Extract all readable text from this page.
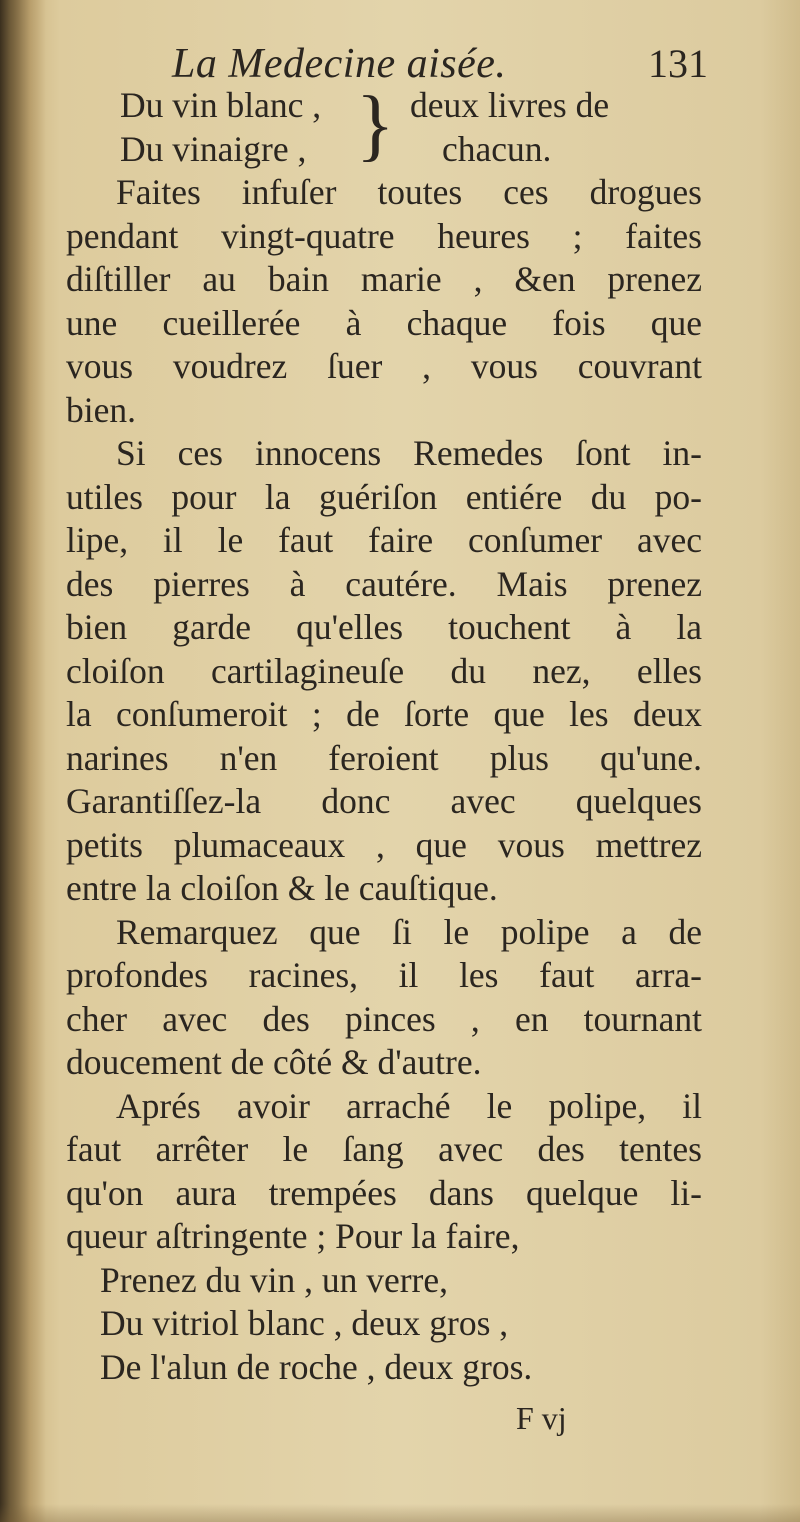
La Medecine aisée.	131
Du vin blanc ,
Du vinaigre , } deux livres de
chacun.
Faites infuſer toutes ces drogues
pendant vingt-quatre heures ; faites
diſtiller au bain marie , &en prenez
une cueillerée à chaque fois que
vous voudrez ſuer , vous couvrant
bien.
Si ces innocens Remedes ſont in-
utiles pour la guériſon entiére du po-
lipe, il le faut faire conſumer avec
des pierres à cautére. Mais prenez
bien garde qu'elles touchent à la
cloiſon cartilagineuſe du nez, elles
la conſumeroit ; de ſorte que les deux
narines n'en feroient plus qu'une.
Garantiſſez-la donc avec quelques
petits plumaceaux , que vous mettrez
entre la cloiſon & le cauſtique.
Remarquez que ſi le polipe a de
profondes racines, il les faut arra-
cher avec des pinces , en tournant
doucement de côté & d'autre.
Aprés avoir arraché le polipe, il
faut arrêter le ſang avec des tentes
qu'on aura trempées dans quelque li-
queur aſtringente ; Pour la faire,
Prenez du vin , un verre,
Du vitriol blanc , deux gros ,
De l'alun de roche , deux gros.
F vj
